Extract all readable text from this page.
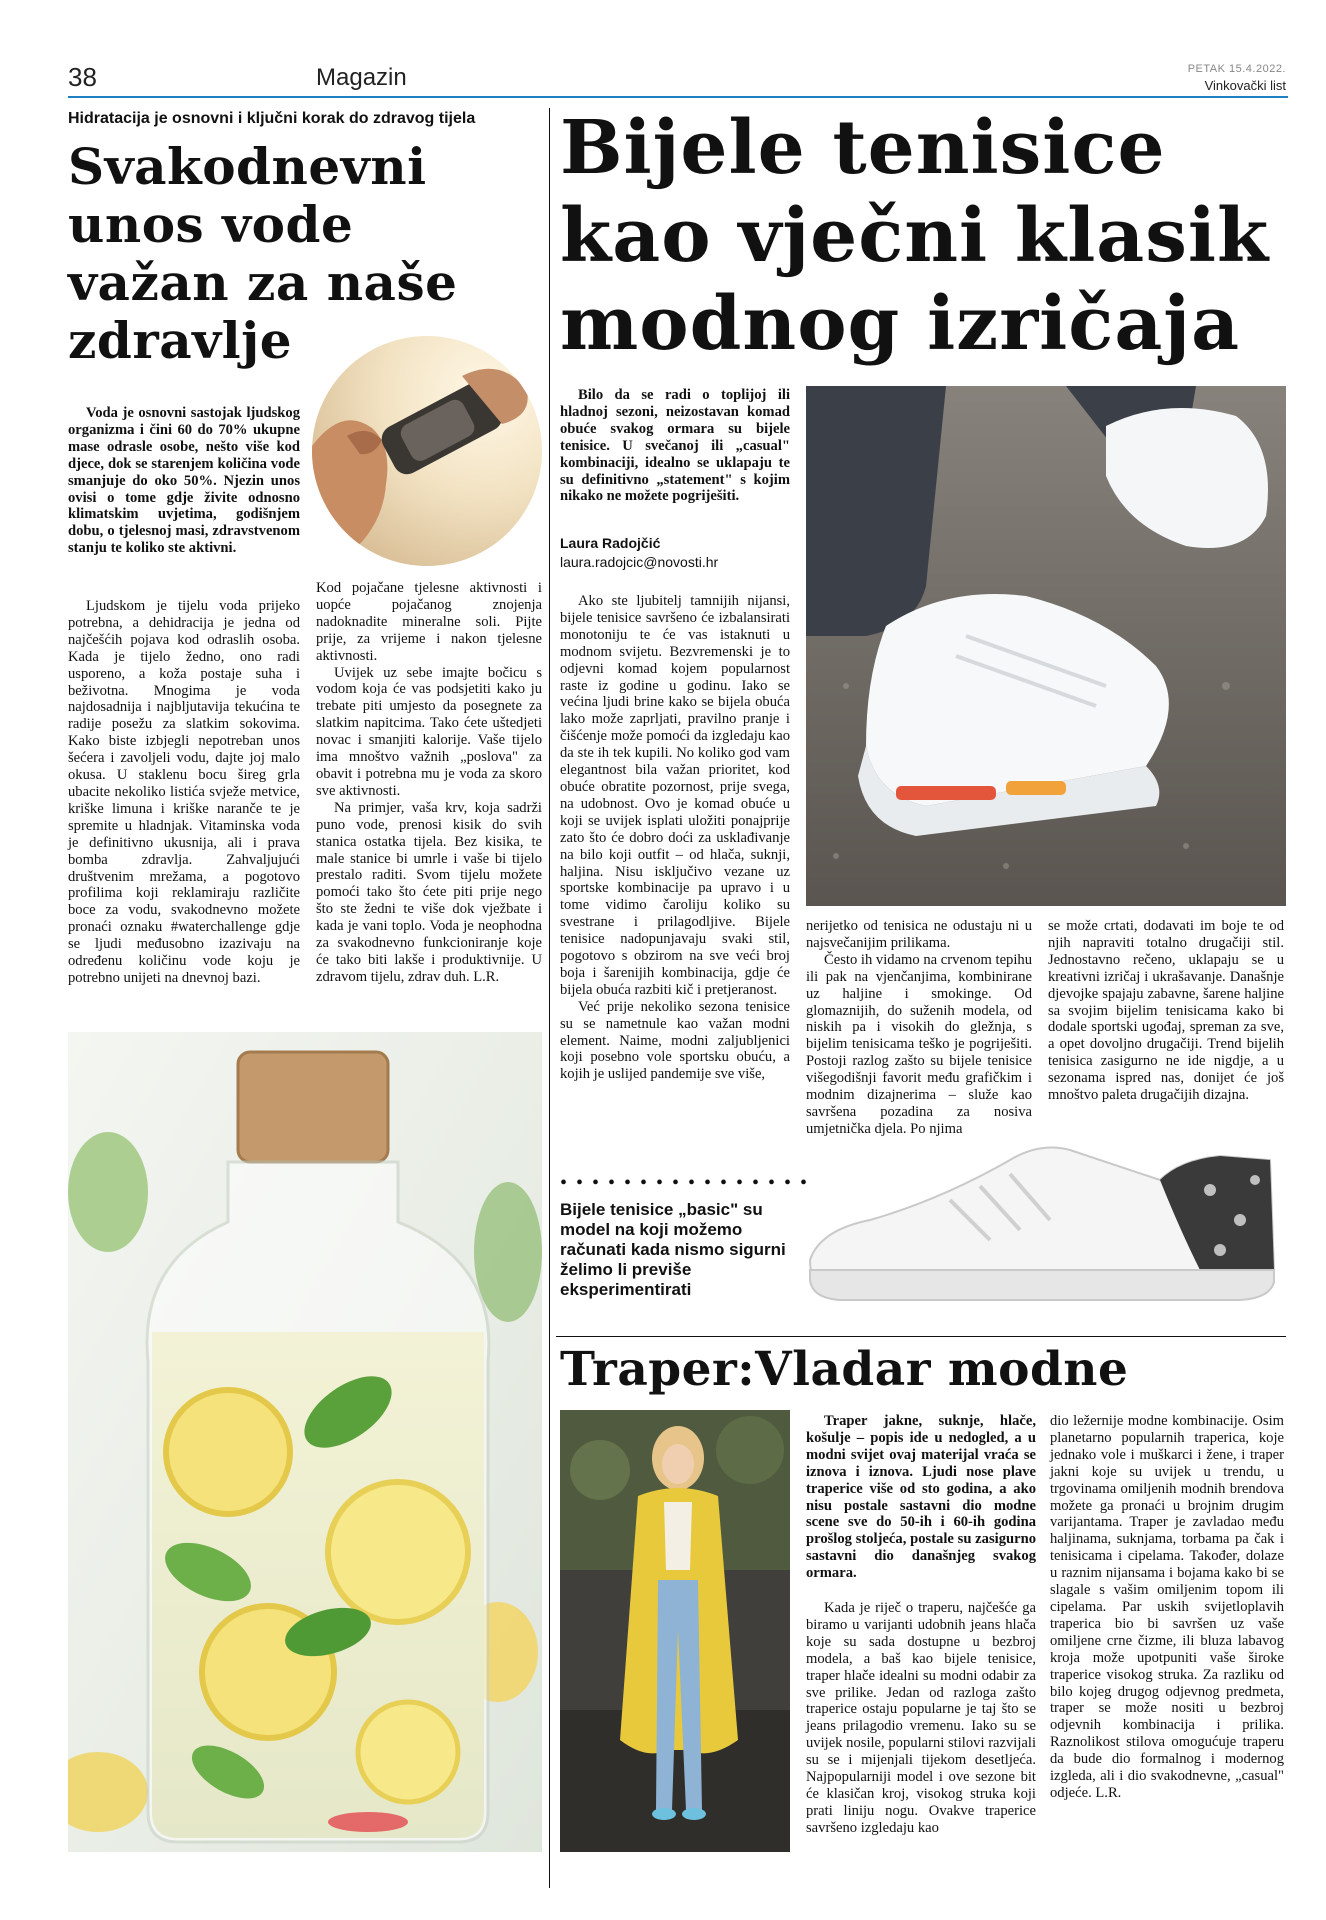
38	Magazin	PETAK 15.4.2022.
Vinkovački list
Hidratacija je osnovni i ključni korak do zdravog tijela
Svakodnevni unos vode važan za naše zdravlje

Voda je osnovni sastojak ljudskog organizma i čini 60 do 70% ukupne mase odrasle osobe, nešto više kod djece, dok se starenjem količina vode smanjuje do oko 50%. Njezin unos ovisi o tome gdje živite odnosno klimatskim uvjetima, godišnjem dobu, o tjelesnoj masi, zdravstvenom stanju te koliko ste aktivni.

Ljudskom je tijelu voda prijeko potrebna, a dehidracija je jedna od najčešćih pojava kod odraslih osoba. Kada je tijelo žedno, ono radi usporeno, a koža postaje suha i beživotna. Mnogima je voda najdosadnija i najbljutavija tekućina te radije posežu za slatkim sokovima. Kako biste izbjegli nepotreban unos šećera i zavoljeli vodu, dajte joj malo okusa. U staklenu bocu šireg grla ubacite nekoliko listića svježe metvice, kriške limuna i kriške naranče te je spremite u hladnjak. Vitaminska voda je definitivno ukusnija, ali i prava bomba zdravlja. Zahvaljujući društvenim mrežama, a pogotovo profilima koji reklamiraju različite boce za vodu, svakodnevno možete pronaći oznaku #waterchallenge gdje se ljudi međusobno izazivaju na određenu količinu vode koju je potrebno unijeti na dnevnoj bazi.

Kod pojačane tjelesne aktivnosti i uopće pojačanog znojenja nadoknadite mineralne soli. Pijte prije, za vrijeme i nakon tjelesne aktivnosti.

Uvijek uz sebe imajte bočicu s vodom koja će vas podsjetiti kako ju trebate piti umjesto da posegnete za slatkim napitcima. Tako ćete uštedjeti novac i smanjiti kalorije. Vaše tijelo ima mnoštvo važnih „poslova" za obavit i potrebna mu je voda za skoro sve aktivnosti.

Na primjer, vaša krv, koja sadrži puno vode, prenosi kisik do svih stanica ostatka tijela. Bez kisika, te male stanice bi umrle i vaše bi tijelo prestalo raditi. Svom tijelu možete pomoći tako što ćete piti prije nego što ste žedni te više dok vježbate i kada je vani toplo. Voda je neophodna za svakodnevno funkcioniranje koje će tako biti lakše i produktivnije. U zdravom tijelu, zdrav duh. L.R.

Bijele tenisice kao vječni klasik modnog izričaja

Bilo da se radi o toplijoj ili hladnoj sezoni, neizostavan komad obuće svakog ormara su bijele tenisice. U svečanoj ili „casual" kombinaciji, idealno se uklapaju te su definitivno „statement" s kojim nikako ne možete pogriješiti.

Laura Radojčić
laura.radojcic@novosti.hr

Ako ste ljubitelj tamnijih nijansi, bijele tenisice savršeno će izbalansirati monotoniju te će vas istaknuti u modnom svijetu. Bezvremenski je to odjevni komad kojem popularnost raste iz godine u godinu. Iako se većina ljudi brine kako se bijela obuća lako može zaprljati, pravilno pranje i čišćenje može pomoći da izgledaju kao da ste ih tek kupili. No koliko god vam elegantnost bila važan prioritet, kod obuće obratite pozornost, prije svega, na udobnost. Ovo je komad obuće u koji se uvijek isplati uložiti ponajprije zato što će dobro doći za usklađivanje na bilo koji outfit – od hlača, suknji, haljina. Nisu isključivo vezane uz sportske kombinacije pa upravo i u tome vidimo čaroliju koliko su svestrane i prilagodljive. Bijele tenisice nadopunjavaju svaki stil, pogotovo s obzirom na sve veći broj boja i šarenijih kombinacija, gdje će bijela obuća razbiti kič i pretjeranost.

Već prije nekoliko sezona tenisice su se nametnule kao važan modni element. Naime, modni zaljubljenici koji posebno vole sportsku obuću, a kojih je uslijed pandemije sve više,

nerijetko od tenisica ne odustaju ni u najsvečanijim prilikama.

Često ih vidamo na crvenom tepihu ili pak na vjenčanjima, kombinirane uz haljine i smokinge. Od glomaznijih, do suženih modela, od niskih pa i visokih do gležnja, s bijelim tenisicama teško je pogriješiti. Postoji razlog zašto su bijele tenisice višegodišnji favorit među grafičkim i modnim dizajnerima – služe kao savršena pozadina za nosiva umjetnička djela. Po njima

se može crtati, dodavati im boje te od njih napraviti totalno drugačiji stil. Jednostavno rečeno, uklapaju se u kreativni izričaj i ukrašavanje. Današnje djevojke spajaju zabavne, šarene haljine sa svojim bijelim tenisicama kako bi dodale sportski ugođaj, spreman za sve, a opet dovoljno drugačiji. Trend bijelih tenisica zasigurno ne ide nigdje, a u sezonama ispred nas, donijet će još mnoštvo paleta drugačijih dizajna.

••••••••••••••••
Bijele tenisice „basic" su model na koji možemo računati kada nismo sigurni želimo li previše eksperimentirati
Traper:Vladar modne

Traper jakne, suknje, hlače, košulje – popis ide u nedogled, a u modni svijet ovaj materijal vraća se iznova i iznova. Ljudi nose plave traperice više od sto godina, a ako nisu postale sastavni dio modne scene sve do 50-ih i 60-ih godina prošlog stoljeća, postale su zasigurno sastavni dio današnjeg svakog ormara.

Kada je riječ o traperu, najčešće ga biramo u varijanti udobnih jeans hlača koje su sada dostupne u bezbroj modela, a baš kao bijele tenisice, traper hlače idealni su modni odabir za sve prilike. Jedan od razloga zašto traperice ostaju popularne je taj što se jeans prilagodio vremenu. Iako su se uvijek nosile, popularni stilovi razvijali su se i mijenjali tijekom desetljeća. Najpopularniji model i ove sezone bit će klasičan kroj, visokog struka koji prati liniju nogu. Ovakve traperice savršeno izgledaju kao

dio ležernije modne kombinacije. Osim planetarno popularnih traperica, koje jednako vole i muškarci i žene, i traper jakni koje su uvijek u trendu, u trgovinama omiljenih modnih brendova možete ga pronaći u brojnim drugim varijantama. Traper je zavladao među haljinama, suknjama, torbama pa čak i tenisicama i cipelama. Također, dolaze u raznim nijansama i bojama kako bi se slagale s vašim omiljenim topom ili cipelama. Par uskih svijetloplavih traperica bio bi savršen uz vaše omiljene crne čizme, ili bluza labavog kroja može upotpuniti vaše široke traperice visokog struka. Za razliku od bilo kojeg drugog odjevnog predmeta, traper se može nositi u bezbroj odjevnih kombinacija i prilika. Raznolikost stilova omogućuje traperu da bude dio formalnog i modernog izgleda, ali i dio svakodnevne, „casual" odjeće. L.R.
